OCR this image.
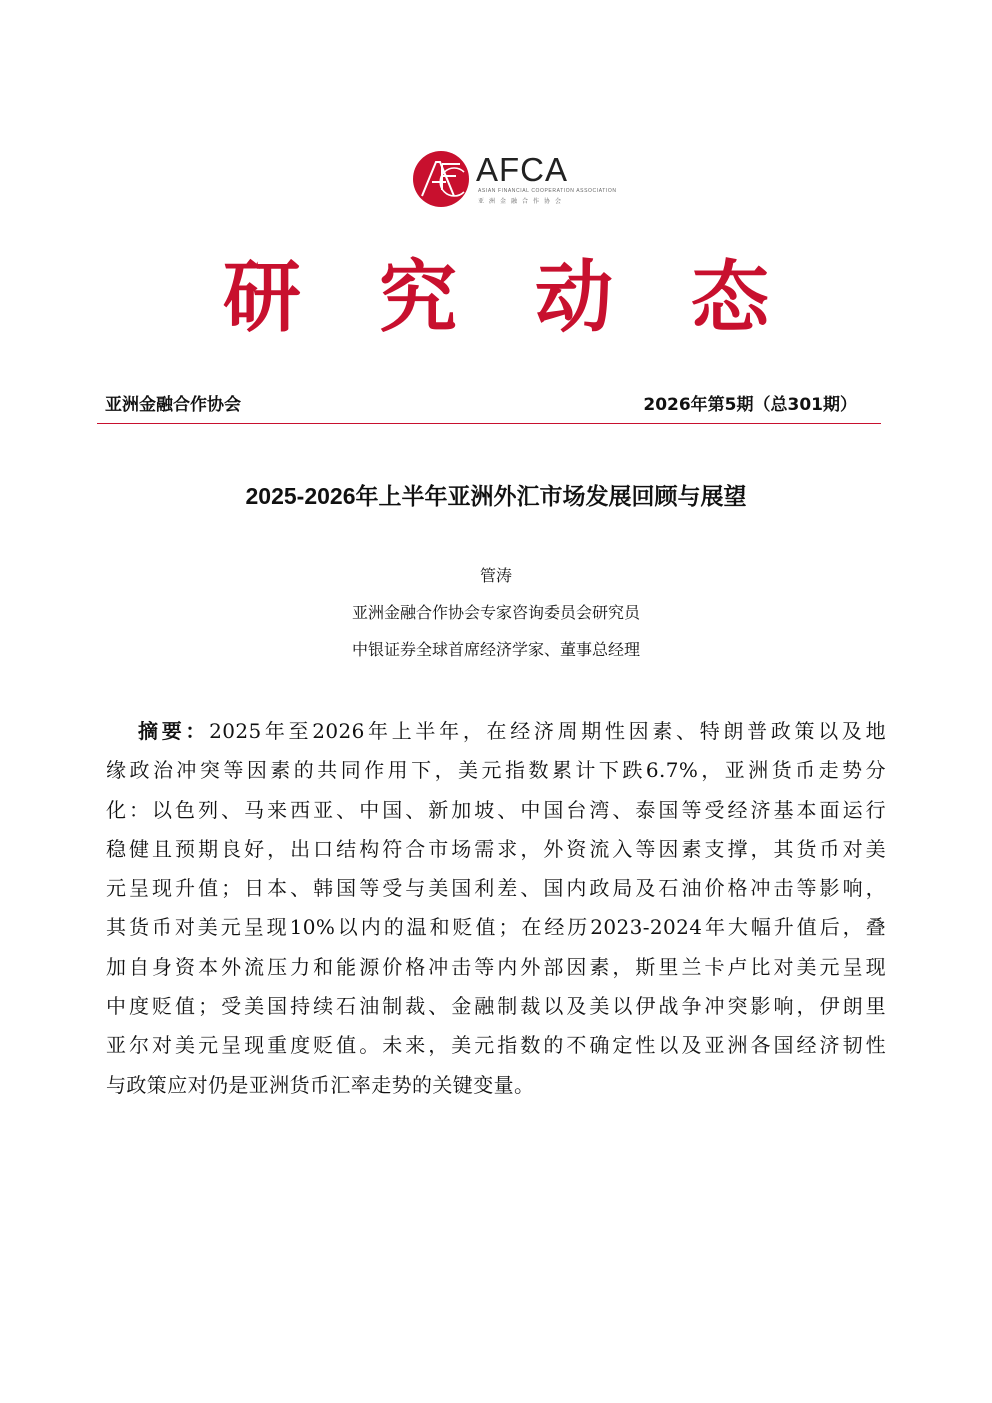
AFCA
ASIAN FINANCIAL COOPERATION ASSOCIATION
亚洲金融合作协会
研究动态
亚洲金融合作协会	2026年第5期（总301期）
2025-2026年上半年亚洲外汇市场发展回顾与展望
管涛
亚洲金融合作协会专家咨询委员会研究员
中银证券全球首席经济学家、董事总经理
摘要：2025年至2026年上半年，在经济周期性因素、特朗普政策以及地
缘政治冲突等因素的共同作用下，美元指数累计下跌6.7%，亚洲货币走势分
化：以色列、马来西亚、中国、新加坡、中国台湾、泰国等受经济基本面运行
稳健且预期良好，出口结构符合市场需求，外资流入等因素支撑，其货币对美
元呈现升值；日本、韩国等受与美国利差、国内政局及石油价格冲击等影响，
其货币对美元呈现10%以内的温和贬值；在经历2023-2024年大幅升值后，叠
加自身资本外流压力和能源价格冲击等内外部因素，斯里兰卡卢比对美元呈现
中度贬值；受美国持续石油制裁、金融制裁以及美以伊战争冲突影响，伊朗里
亚尔对美元呈现重度贬值。未来，美元指数的不确定性以及亚洲各国经济韧性
与政策应对仍是亚洲货币汇率走势的关键变量。
